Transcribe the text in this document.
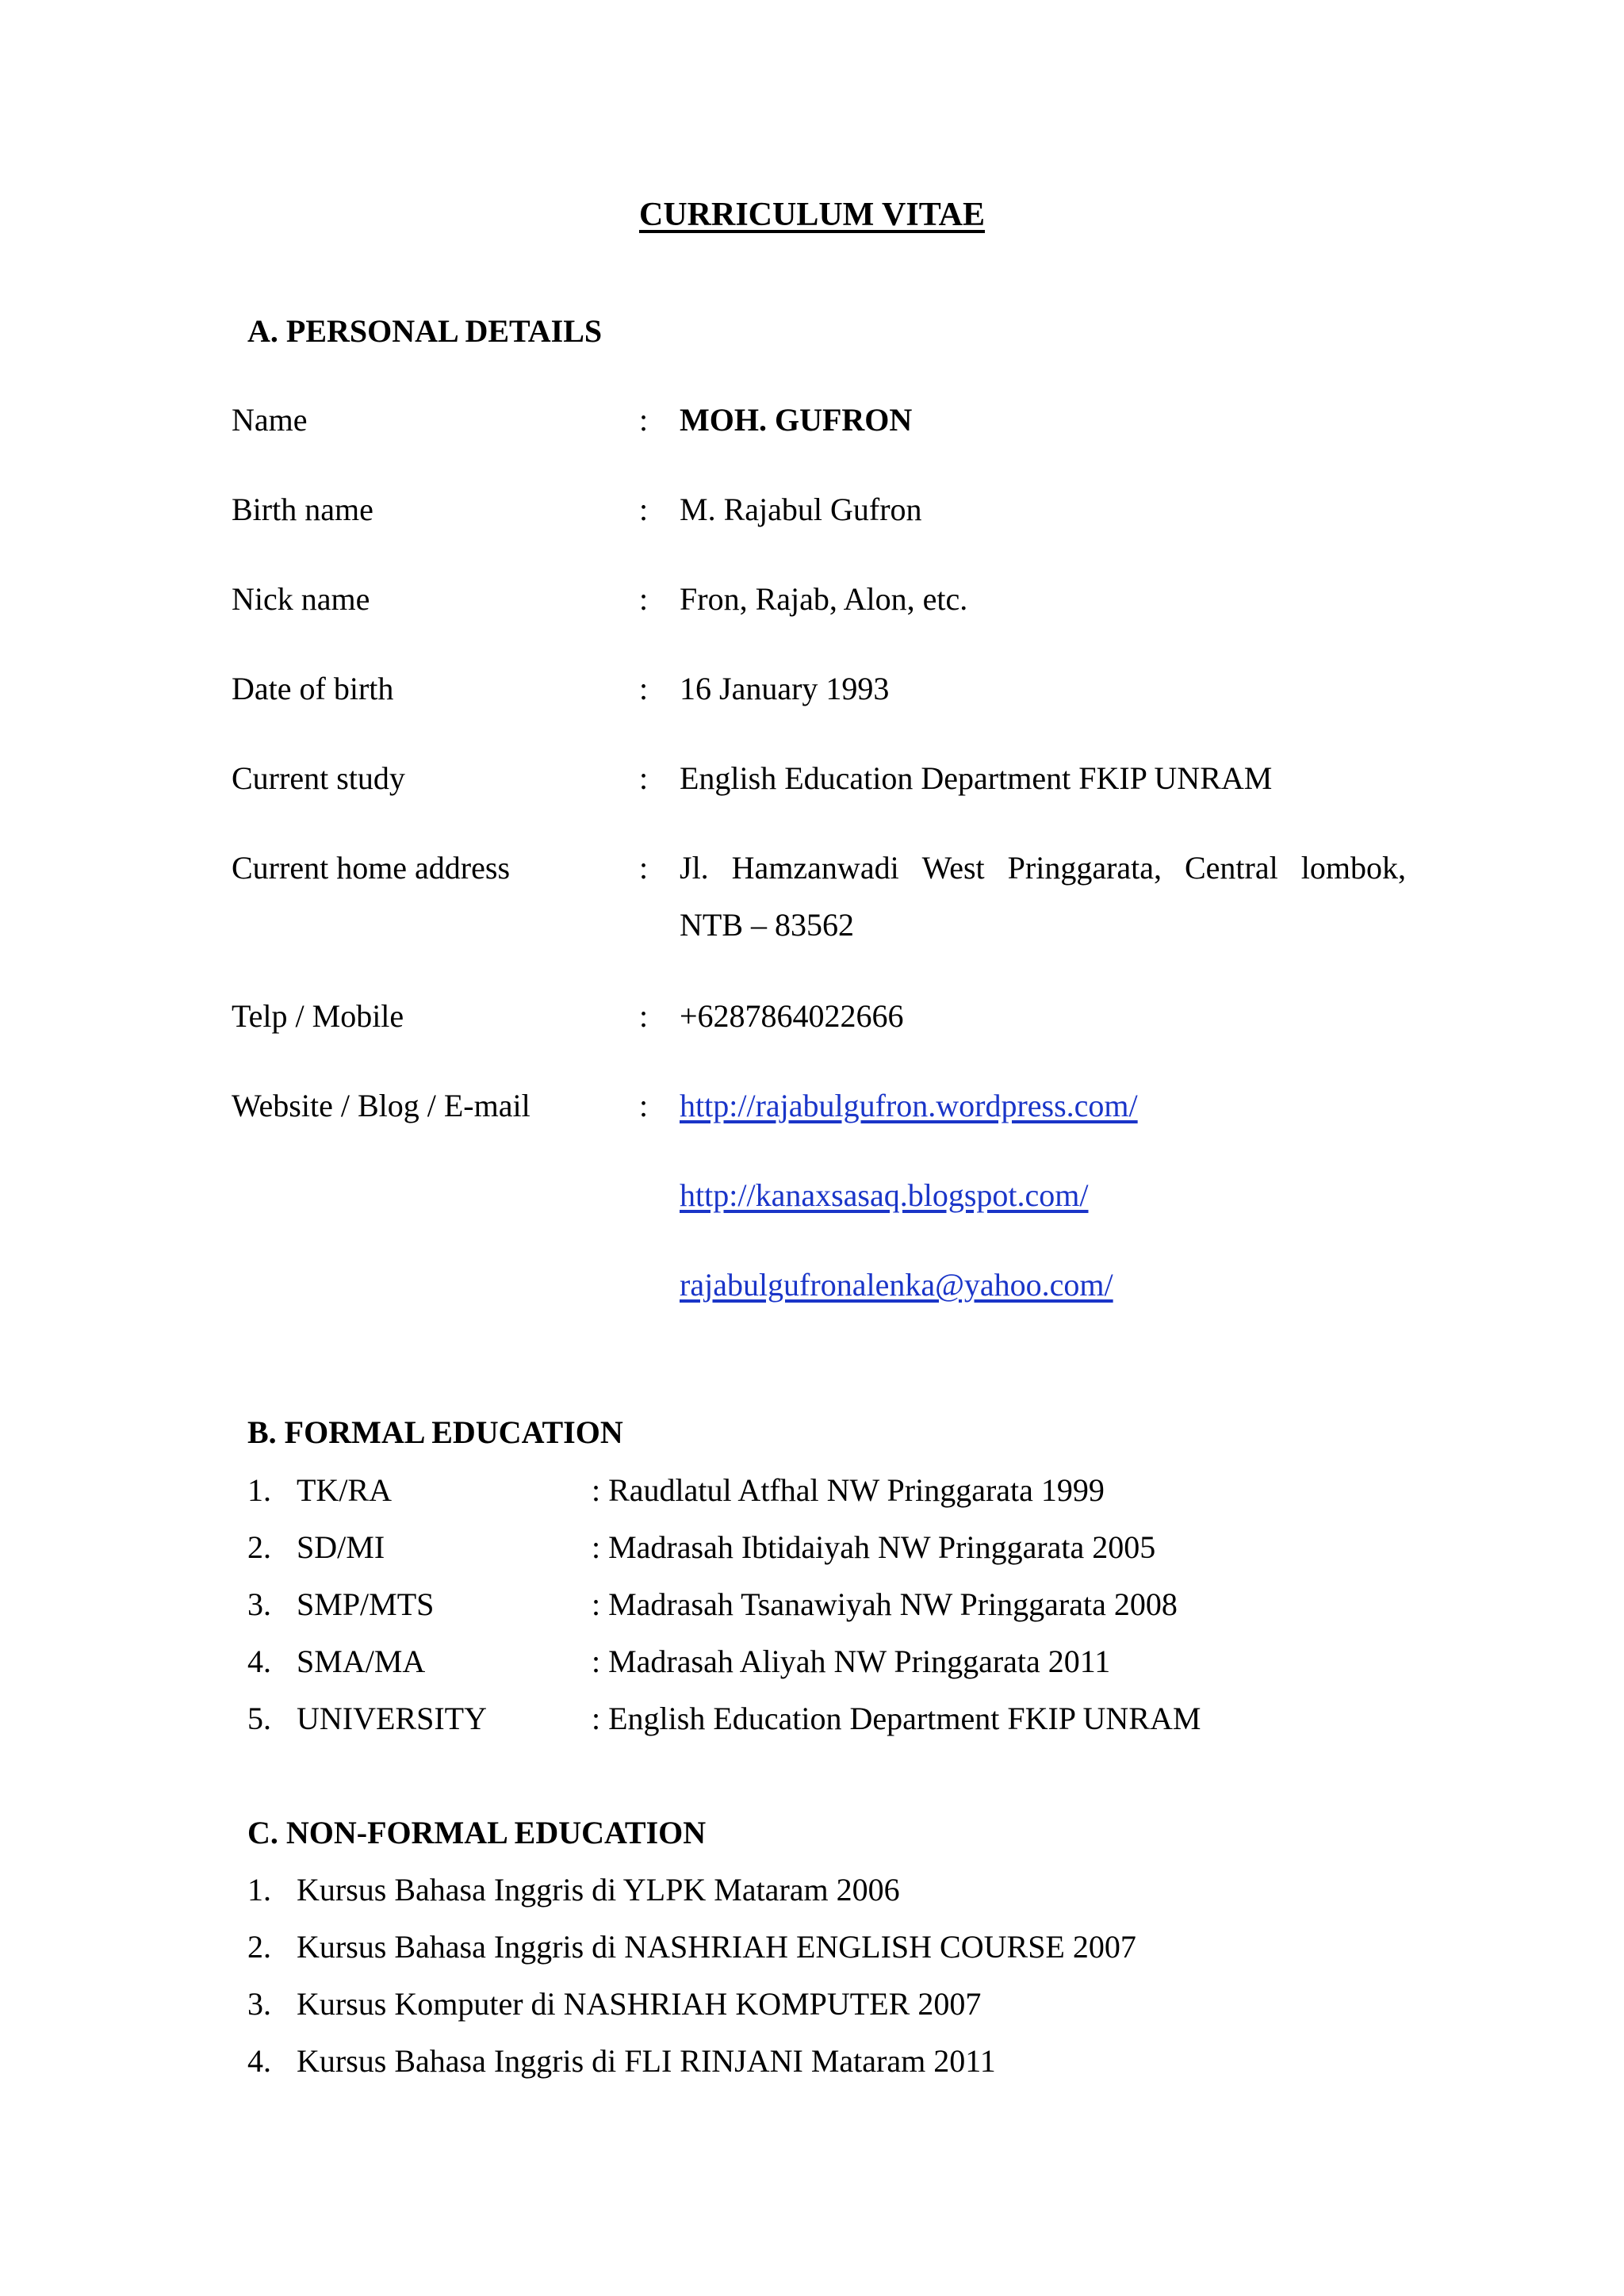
CURRICULUM VITAE
A. PERSONAL DETAILS
Name	: MOH. GUFRON
Birth name	: M. Rajabul Gufron
Nick name	: Fron, Rajab, Alon, etc.
Date of birth	: 16 January 1993
Current study	: English Education Department FKIP UNRAM
Current home address	: Jl. Hamzanwadi West Pringgarata, Central lombok,
NTB – 83562
Telp / Mobile	: +6287864022666
Website / Blog / E-mail	: http://rajabulgufron.wordpress.com/
http://kanaxsasaq.blogspot.com/
rajabulgufronalenka@yahoo.com/
B. FORMAL EDUCATION
1. TK/RA	: Raudlatul Atfhal NW Pringgarata 1999
2. SD/MI	: Madrasah Ibtidaiyah NW Pringgarata 2005
3. SMP/MTS	: Madrasah Tsanawiyah NW Pringgarata 2008
4. SMA/MA	: Madrasah Aliyah NW Pringgarata 2011
5. UNIVERSITY	: English Education Department FKIP UNRAM
C. NON-FORMAL EDUCATION
1. Kursus Bahasa Inggris di YLPK Mataram 2006
2. Kursus Bahasa Inggris di NASHRIAH ENGLISH COURSE 2007
3. Kursus Komputer di NASHRIAH KOMPUTER 2007
4. Kursus Bahasa Inggris di FLI RINJANI Mataram 2011
